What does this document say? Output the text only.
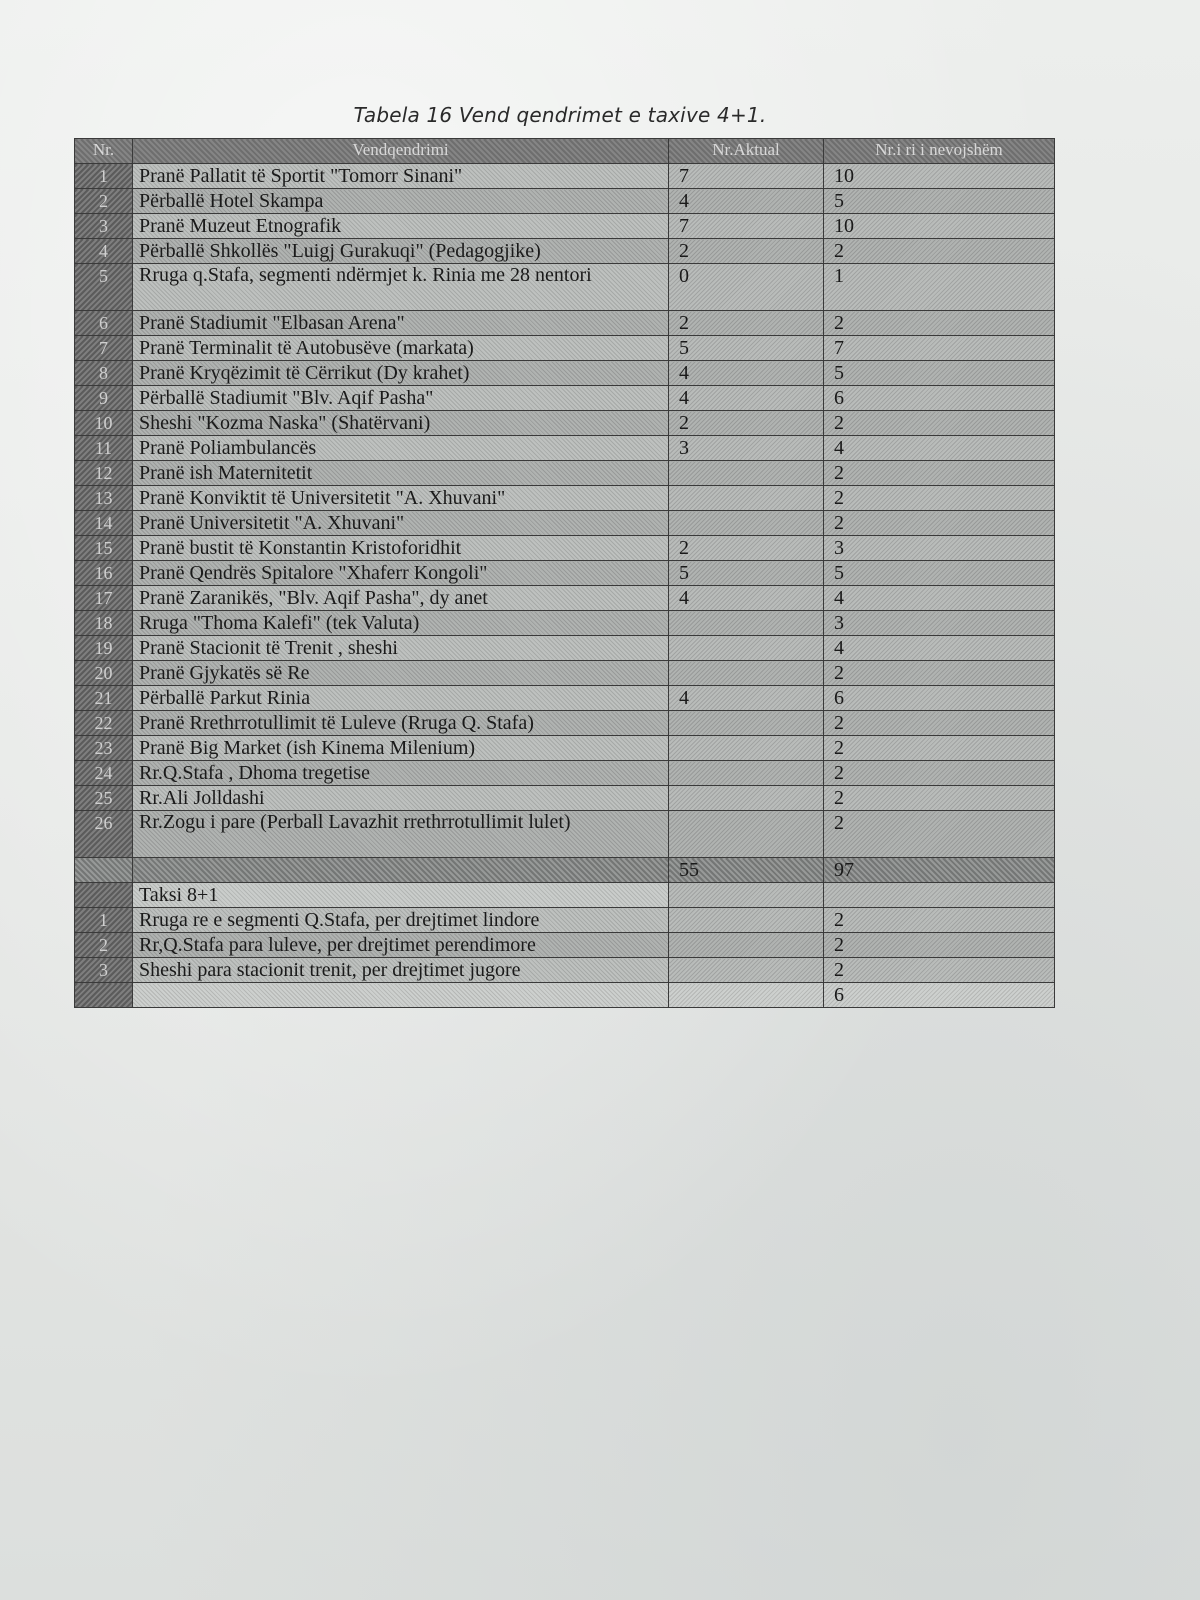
Tabela 16 Vend qendrimet e taxive 4+1.
Nr.	Vendqendrimi	Nr.Aktual	Nr.i ri i nevojshëm
1	Pranë Pallatit të Sportit "Tomorr Sinani"	7	10
2	Përballë Hotel Skampa	4	5
3	Pranë Muzeut Etnografik	7	10
4	Përballë Shkollës "Luigj Gurakuqi" (Pedagogjike)	2	2
5	Rruga q.Stafa, segmenti ndërmjet k. Rinia me 28 nentori	0	1
6	Pranë Stadiumit "Elbasan Arena"	2	2
7	Pranë Terminalit të Autobusëve (markata)	5	7
8	Pranë Kryqëzimit të Cërrikut (Dy krahet)	4	5
9	Përballë Stadiumit "Blv. Aqif Pasha"	4	6
10	Sheshi "Kozma Naska" (Shatërvani)	2	2
11	Pranë Poliambulancës	3	4
12	Pranë ish Maternitetit		2
13	Pranë Konviktit të Universitetit "A. Xhuvani"		2
14	Pranë Universitetit "A. Xhuvani"		2
15	Pranë bustit të Konstantin Kristoforidhit	2	3
16	Pranë Qendrës Spitalore "Xhaferr Kongoli"	5	5
17	Pranë Zaranikës, "Blv. Aqif Pasha", dy anet	4	4
18	Rruga "Thoma Kalefi" (tek Valuta)		3
19	Pranë Stacionit të Trenit , sheshi		4
20	Pranë Gjykatës së Re		2
21	Përballë Parkut Rinia	4	6
22	Pranë Rrethrrotullimit të Luleve (Rruga Q. Stafa)		2
23	Pranë Big Market (ish Kinema Milenium)		2
24	Rr.Q.Stafa , Dhoma tregetise		2
25	Rr.Ali Jolldashi		2
26	Rr.Zogu i pare (Perball Lavazhit rrethrrotullimit lulet)		2
		55	97
	Taksi 8+1		
1	Rruga re e segmenti Q.Stafa, per drejtimet lindore		2
2	Rr,Q.Stafa para luleve, per drejtimet perendimore		2
3	Sheshi para stacionit trenit, per drejtimet jugore		2
			6
